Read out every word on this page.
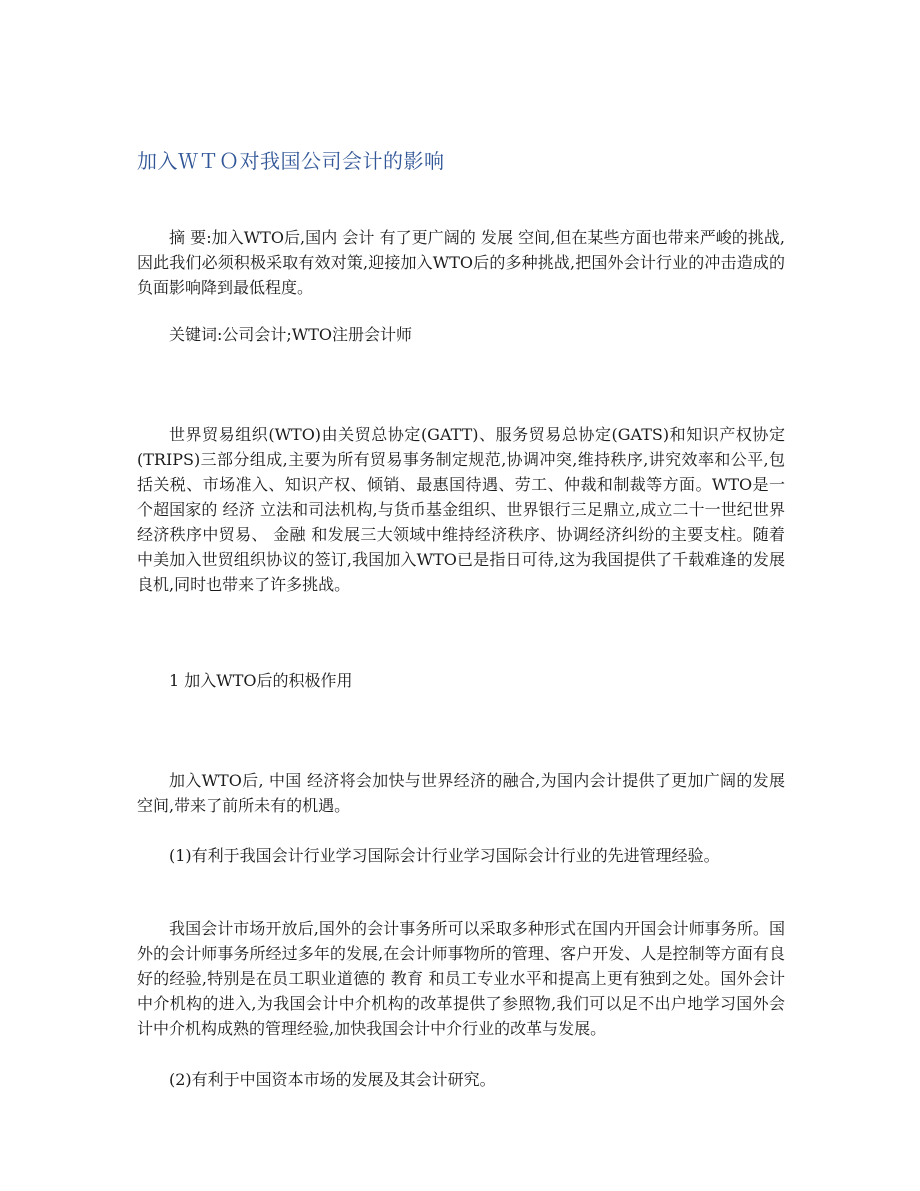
加入ＷＴＯ对我国公司会计的影响

摘 要:加入WTO后,国内 会计 有了更广阔的 发展 空间,但在某些方面也带来严峻的挑战,因此我们必须积极采取有效对策,迎接加入WTO后的多种挑战,把国外会计行业的冲击造成的负面影响降到最低程度。

关键词:公司会计;WTO注册会计师

世界贸易组织(WTO)由关贸总协定(GATT)、服务贸易总协定(GATS)和知识产权协定(TRIPS)三部分组成,主要为所有贸易事务制定规范,协调冲突,维持秩序,讲究效率和公平,包括关税、市场准入、知识产权、倾销、最惠国待遇、劳工、仲裁和制裁等方面。WTO是一个超国家的 经济 立法和司法机构,与货币基金组织、世界银行三足鼎立,成立二十一世纪世界经济秩序中贸易、 金融 和发展三大领域中维持经济秩序、协调经济纠纷的主要支柱。随着中美加入世贸组织协议的签订,我国加入WTO已是指日可待,这为我国提供了千载难逢的发展良机,同时也带来了许多挑战。

1 加入WTO后的积极作用

加入WTO后, 中国 经济将会加快与世界经济的融合,为国内会计提供了更加广阔的发展空间,带来了前所未有的机遇。

(1)有利于我国会计行业学习国际会计行业学习国际会计行业的先进管理经验。

我国会计市场开放后,国外的会计事务所可以采取多种形式在国内开国会计师事务所。国外的会计师事务所经过多年的发展,在会计师事物所的管理、客户开发、人是控制等方面有良好的经验,特别是在员工职业道德的 教育 和员工专业水平和提高上更有独到之处。国外会计中介机构的进入,为我国会计中介机构的改革提供了参照物,我们可以足不出户地学习国外会计中介机构成熟的管理经验,加快我国会计中介行业的改革与发展。

(2)有利于中国资本市场的发展及其会计研究。
